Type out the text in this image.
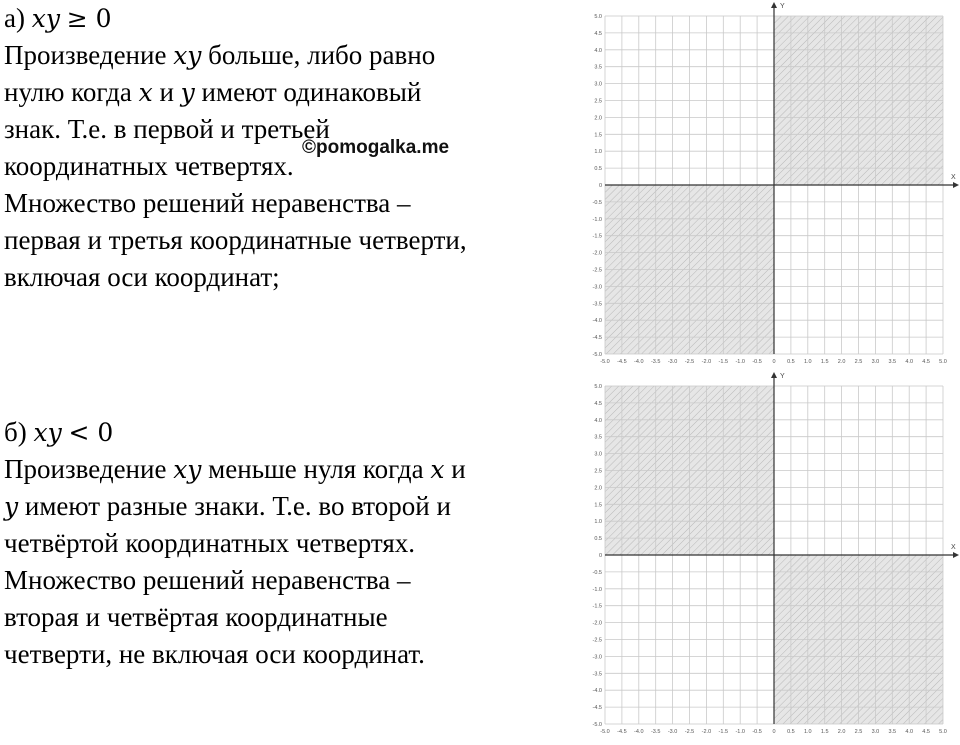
а) xy ≥ 0
Произведение xy больше, либо равно
нулю когда x и y имеют одинаковый
знак. Т.е. в первой и третьей
координатных четвертях.
Множество решений неравенства –
первая и третья координатные четверти,
включая оси координат;
©pomogalka.me
б) xy < 0
Произведение xy меньше нуля когда x и
y имеют разные знаки. Т.е. во второй и
четвёртой координатных четвертях.
Множество решений неравенства –
вторая и четвёртая координатные
четверти, не включая оси координат.
X
Y
-5.0 -4.5 -4.0 -3.5 -3.0 -2.5 -2.0 -1.5 -1.0 -0.5 0 0.5 1.0 1.5 2.0 2.5 3.0 3.5 4.0 4.5 5.0
5.0
4.5
4.0
3.5
3.0
2.5
2.0
1.5
1.0
0.5
0
-0.5
-1.0
-1.5
-2.0
-2.5
-3.0
-3.5
-4.0
-4.5
-5.0
X
Y
-5.0 -4.5 -4.0 -3.5 -3.0 -2.5 -2.0 -1.5 -1.0 -0.5 0 0.5 1.0 1.5 2.0 2.5 3.0 3.5 4.0 4.5 5.0
5.0
4.5
4.0
3.5
3.0
2.5
2.0
1.5
1.0
0.5
0
-0.5
-1.0
-1.5
-2.0
-2.5
-3.0
-3.5
-4.0
-4.5
-5.0
